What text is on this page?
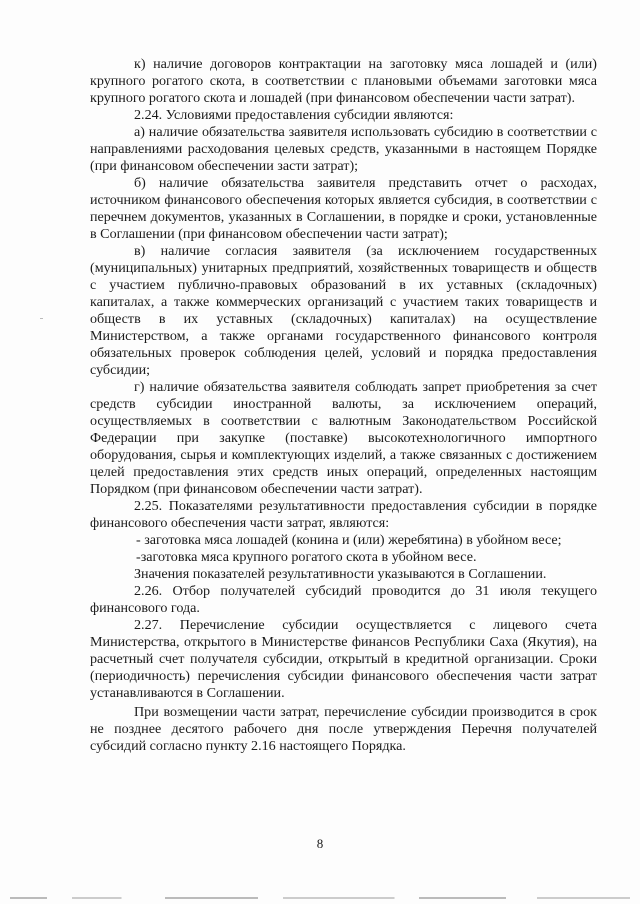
к) наличие договоров контрактации на заготовку мяса лошадей и (или) крупного рогатого скота, в соответствии с плановыми объемами заготовки мяса крупного рогатого скота и лошадей (при финансовом обеспечении части затрат).

2.24. Условиями предоставления субсидии являются:

а) наличие обязательства заявителя использовать субсидию в соответствии с направлениями расходования целевых средств, указанными в настоящем Порядке (при финансовом обеспечении засти затрат);

б) наличие обязательства заявителя представить отчет о расходах, источником финансового обеспечения которых является субсидия, в соответствии с перечнем документов, указанных в Соглашении, в порядке и сроки, установленные в Соглашении (при финансовом обеспечении части затрат);

в) наличие согласия заявителя (за исключением государственных (муниципальных) унитарных предприятий, хозяйственных товариществ и обществ с участием публично-правовых образований в их уставных (складочных) капиталах, а также коммерческих организаций с участием таких товариществ и обществ в их уставных (складочных) капиталах) на осуществление Министерством, а также органами государственного финансового контроля обязательных проверок соблюдения целей, условий и порядка предоставления субсидии;

г) наличие обязательства заявителя соблюдать запрет приобретения за счет средств субсидии иностранной валюты, за исключением операций, осуществляемых в соответствии с валютным Законодательством Российской Федерации при закупке (поставке) высокотехнологичного импортного оборудования, сырья и комплектующих изделий, а также связанных с достижением целей предоставления этих средств иных операций, определенных настоящим Порядком (при финансовом обеспечении части затрат).

2.25. Показателями результативности предоставления субсидии в порядке финансового обеспечения части затрат, являются:

- заготовка мяса лошадей (конина и (или) жеребятина) в убойном весе;

-заготовка мяса крупного рогатого скота в убойном весе.

Значения показателей результативности указываются в Соглашении.

2.26. Отбор получателей субсидий проводится до 31 июля текущего финансового года.

2.27. Перечисление субсидии осуществляется с лицевого счета Министерства, открытого в Министерстве финансов Республики Саха (Якутия), на расчетный счет получателя субсидии, открытый в кредитной организации. Сроки (периодичность) перечисления субсидии финансового обеспечения части затрат устанавливаются в Соглашении.

При возмещении части затрат, перечисление субсидии производится в срок не позднее десятого рабочего дня после утверждения Перечня получателей субсидий согласно пункту 2.16 настоящего Порядка.

8
